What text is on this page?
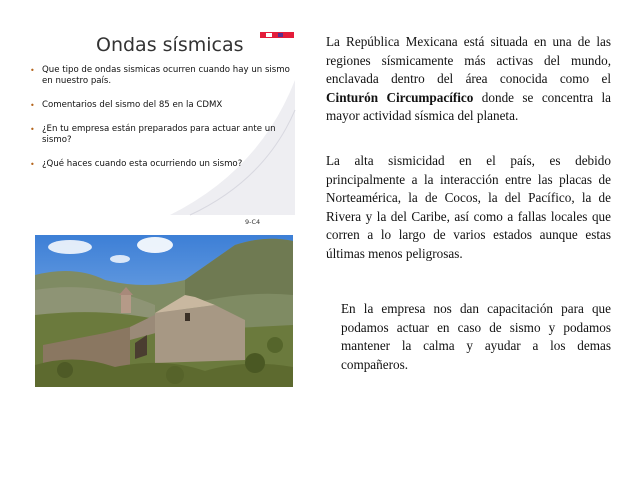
Ondas sísmicas
• Que tipo de ondas sismicas ocurren cuando hay un sismo en nuestro país.
• Comentarios del sismo del 85 en la CDMX
• ¿En tu empresa están preparados para actuar ante un sismo?
• ¿Qué haces cuando esta ocurriendo un sismo?
9-C4

La República Mexicana está situada en una de las regiones sísmicamente más activas del mundo, enclavada dentro del área conocida como el Cinturón Circumpacífico donde se concentra la mayor actividad sísmica del planeta.

La alta sismicidad en el país, es debido principalmente a la interacción entre las placas de Norteamérica, la de Cocos, la del Pacífico, la de Rivera y la del Caribe, así como a fallas locales que corren a lo largo de varios estados aunque estas últimas menos peligrosas.

En la empresa nos dan capacitación para que podamos actuar en caso de sismo y podamos mantener la calma y ayudar a los demas compañeros.
